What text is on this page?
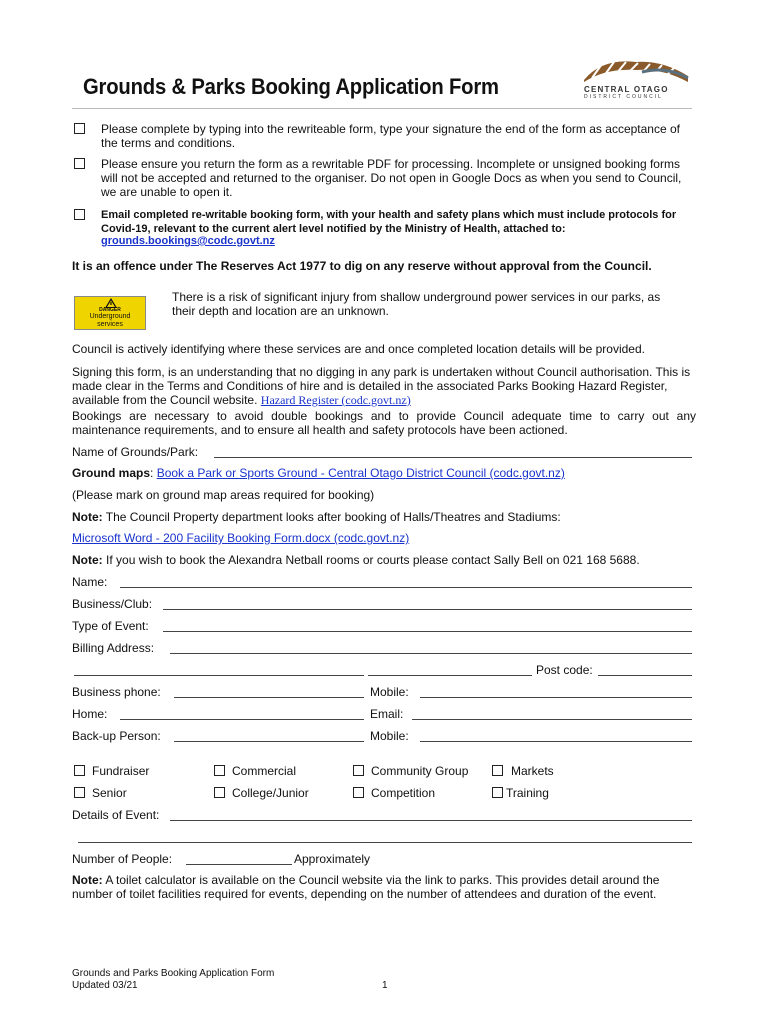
Grounds & Parks Booking Application Form	CENTRAL OTAGO
DISTRICT COUNCIL
Please complete by typing into the rewriteable form, type your signature the end of the form as acceptance of the terms and conditions.
Please ensure you return the form as a rewritable PDF for processing. Incomplete or unsigned booking forms will not be accepted and returned to the organiser. Do not open in Google Docs as when you send to Council, we are unable to open it.
Email completed re-writable booking form, with your health and safety plans which must include protocols for Covid-19, relevant to the current alert level notified by the Ministry of Health, attached to:
grounds.bookings@codc.govt.nz
It is an offence under The Reserves Act 1977 to dig on any reserve without approval from the Council.
DANGER
Underground
services
There is a risk of significant injury from shallow underground power services in our parks, as their depth and location are an unknown.
Council is actively identifying where these services are and once completed location details will be provided.
Signing this form, is an understanding that no digging in any park is undertaken without Council authorisation. This is made clear in the Terms and Conditions of hire and is detailed in the associated Parks Booking Hazard Register, available from the Council website. Hazard Register (codc.govt.nz)
Bookings are necessary to avoid double bookings and to provide Council adequate time to carry out any maintenance requirements, and to ensure all health and safety protocols have been actioned.
Name of Grounds/Park:
Ground maps: Book a Park or Sports Ground - Central Otago District Council (codc.govt.nz)
(Please mark on ground map areas required for booking)
Note: The Council Property department looks after booking of Halls/Theatres and Stadiums:
Microsoft Word - 200 Facility Booking Form.docx (codc.govt.nz)
Note: If you wish to book the Alexandra Netball rooms or courts please contact Sally Bell on 021 168 5688.
Name:
Business/Club:
Type of Event:
Billing Address:
Post code:
Business phone:	Mobile:
Home:	Email:
Back-up Person:	Mobile:
Fundraiser	Commercial	Community Group	Markets
Senior	College/Junior	Competition	Training
Details of Event:
Number of People:	Approximately
Note: A toilet calculator is available on the Council website via the link to parks. This provides detail around the number of toilet facilities required for events, depending on the number of attendees and duration of the event.
Grounds and Parks Booking Application Form
Updated 03/21	1
